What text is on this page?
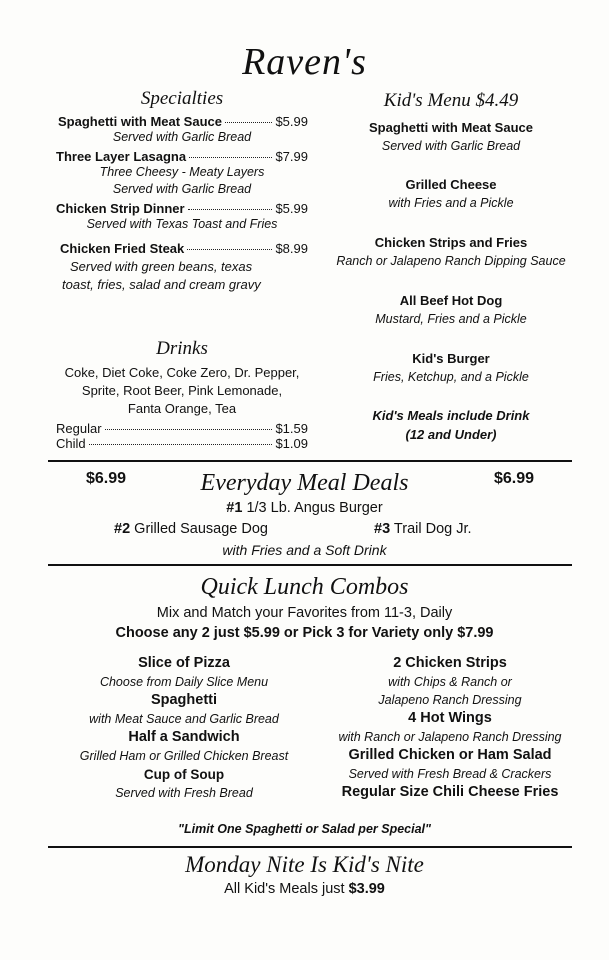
Raven's
Specialties
Spaghetti with Meat Sauce	$5.99
Served with Garlic Bread
Three Layer Lasagna	$7.99
Three Cheesy - Meaty Layers
Served with Garlic Bread
Chicken Strip Dinner	$5.99
Served with Texas Toast and Fries
Chicken Fried Steak	$8.99
Served with green beans, texas
toast, fries, salad and cream gravy
Drinks
Coke, Diet Coke, Coke Zero, Dr. Pepper,
Sprite, Root Beer, Pink Lemonade,
Fanta Orange, Tea
Regular	$1.59
Child	$1.09
Kid's Menu $4.49
Spaghetti with Meat Sauce
Served with Garlic Bread
Grilled Cheese
with Fries and a Pickle
Chicken Strips and Fries
Ranch or Jalapeno Ranch Dipping Sauce
All Beef Hot Dog
Mustard, Fries and a Pickle
Kid's Burger
Fries, Ketchup, and a Pickle
Kid's Meals include Drink
(12 and Under)
$6.99	$6.99
Everyday Meal Deals
#1 1/3 Lb. Angus Burger
#2 Grilled Sausage Dog	#3 Trail Dog Jr.
with Fries and a Soft Drink
Quick Lunch Combos
Mix and Match your Favorites from 11-3, Daily
Choose any 2 just $5.99 or Pick 3 for Variety only $7.99
Slice of Pizza
Choose from Daily Slice Menu
Spaghetti
with Meat Sauce and Garlic Bread
Half a Sandwich
Grilled Ham or Grilled Chicken Breast
Cup of Soup
Served with Fresh Bread
2 Chicken Strips
with Chips & Ranch or
Jalapeno Ranch Dressing
4 Hot Wings
with Ranch or Jalapeno Ranch Dressing
Grilled Chicken or Ham Salad
Served with Fresh Bread & Crackers
Regular Size Chili Cheese Fries
"Limit One Spaghetti or Salad per Special"
Monday Nite Is Kid's Nite
All Kid's Meals just $3.99
